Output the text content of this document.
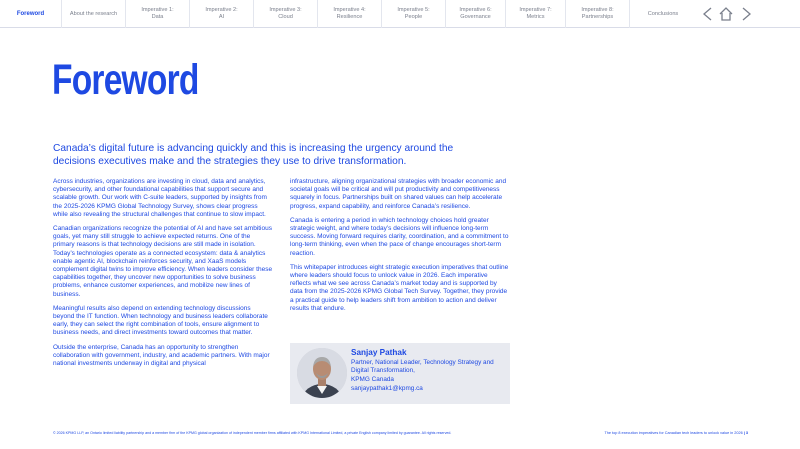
Foreword	About the research
Imperative 1:
Data
Imperative 2:
AI
Imperative 3:
Cloud
Imperative 4:
Resilience
Imperative 5:
People
Imperative 6:
Governance
Imperative 7:
Metrics
Imperative 8:
Partnerships
Conclusions
Foreword

Canada’s digital future is advancing quickly and this is increasing the urgency around the decisions executives make and the strategies they use to drive transformation.

Across industries, organizations are investing in cloud, data and analytics, cybersecurity, and other foundational capabilities that support secure and scalable growth. Our work with C-suite leaders, supported by insights from the 2025-2026 KPMG Global Technology Survey, shows clear progress while also revealing the structural challenges that continue to slow impact.

Canadian organizations recognize the potential of AI and have set ambitious goals, yet many still struggle to achieve expected returns. One of the primary reasons is that technology decisions are still made in isolation. Today’s technologies operate as a connected ecosystem: data & analytics enable agentic AI, blockchain reinforces security, and XaaS models complement digital twins to improve efficiency. When leaders consider these capabilities together, they uncover new opportunities to solve business problems, enhance customer experiences, and mobilize new lines of business.

Meaningful results also depend on extending technology discussions beyond the IT function. When technology and business leaders collaborate early, they can select the right combination of tools, ensure alignment to business needs, and direct investments toward outcomes that matter.

Outside the enterprise, Canada has an opportunity to strengthen collaboration with government, industry, and academic partners. With major national investments underway in digital and physical

infrastructure, aligning organizational strategies with broader economic and societal goals will be critical and will put productivity and competitiveness squarely in focus. Partnerships built on shared values can help accelerate progress, expand capability, and reinforce Canada’s resilience.

Canada is entering a period in which technology choices hold greater strategic weight, and where today’s decisions will influence long-term success. Moving forward requires clarity, coordination, and a commitment to long-term thinking, even when the pace of change encourages short-term reaction.

This whitepaper introduces eight strategic execution imperatives that outline where leaders should focus to unlock value in 2026. Each imperative reflects what we see across Canada’s market today and is supported by data from the 2025-2026 KPMG Global Tech Survey. Together, they provide a practical guide to help leaders shift from ambition to action and deliver results that endure.

Sanjay Pathak
Partner, National Leader, Technology Strategy and Digital Transformation,
KPMG Canada
sanjaypathak1@kpmg.ca
© 2026 KPMG LLP, an Ontario limited liability partnership and a member firm of the KPMG global organization of independent member firms affiliated with KPMG International Limited, a private English company limited by guarantee. All rights reserved.	The top 8 execution imperatives for Canadian tech leaders to unlock value in 2026 | 3
